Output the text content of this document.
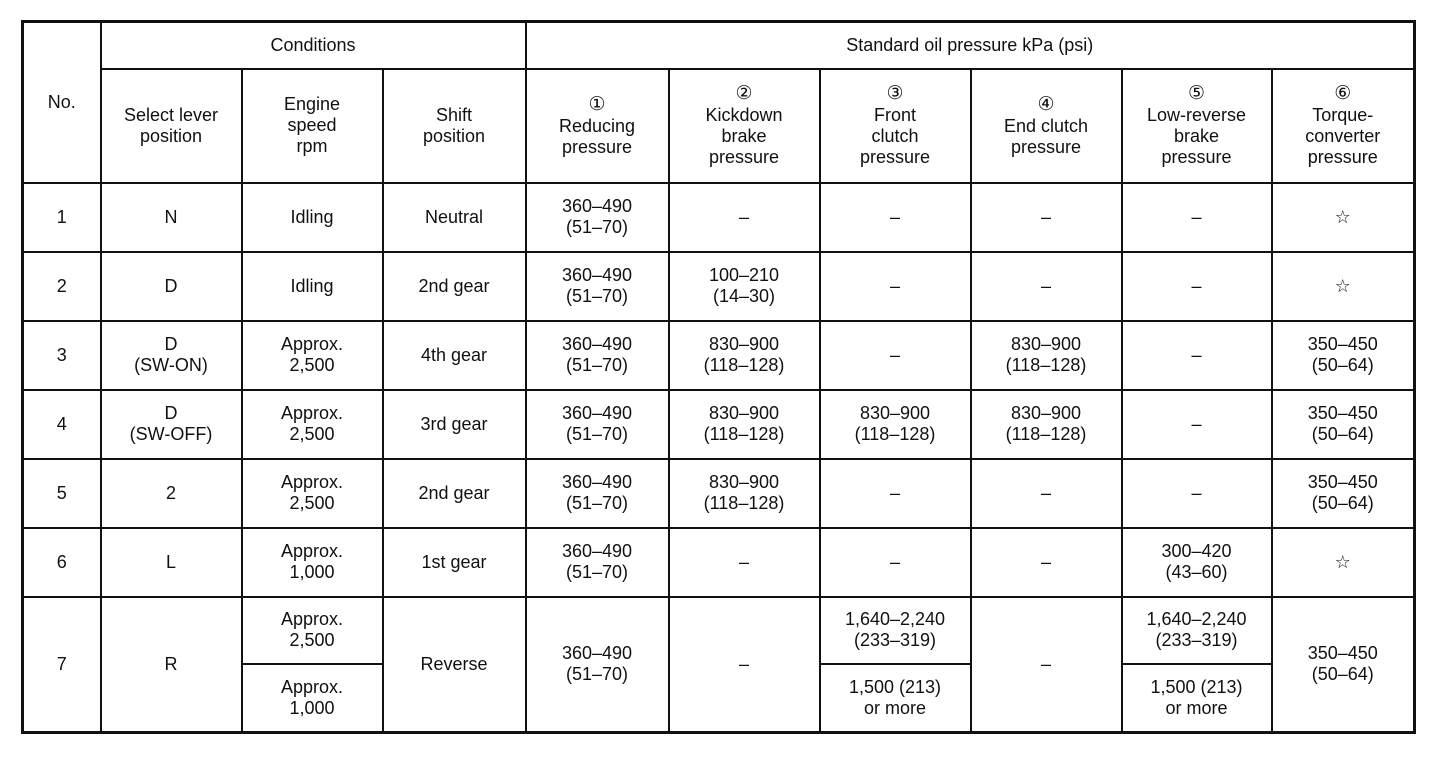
No.	Conditions			Standard oil pressure kPa (psi)					
	Select lever
position	Engine
speed
rpm	Shift
position	①
Reducing
pressure	②
Kickdown
brake
pressure	③
Front
clutch
pressure	④
End clutch
pressure	⑤
Low-reverse
brake
pressure	⑥
Torque-
converter
pressure
1	N	Idling	Neutral	360–490
(51–70)	–	–	–	–	☆
2	D	Idling	2nd gear	360–490
(51–70)	100–210
(14–30)	–	–	–	☆
3	D
(SW-ON)	Approx.
2,500	4th gear	360–490
(51–70)	830–900
(118–128)	–	830–900
(118–128)	–	350–450
(50–64)
4	D
(SW-OFF)	Approx.
2,500	3rd gear	360–490
(51–70)	830–900
(118–128)	830–900
(118–128)	830–900
(118–128)	–	350–450
(50–64)
5	2	Approx.
2,500	2nd gear	360–490
(51–70)	830–900
(118–128)	–	–	–	350–450
(50–64)
6	L	Approx.
1,000	1st gear	360–490
(51–70)	–	–	–	300–420
(43–60)	☆
7	R	Approx.
2,500	Reverse	360–490
(51–70)	–	1,640–2,240
(233–319)	–	1,640–2,240
(233–319)	350–450
(50–64)
		Approx.
1,000				1,500 (213)
or more		1,500 (213)
or more	
